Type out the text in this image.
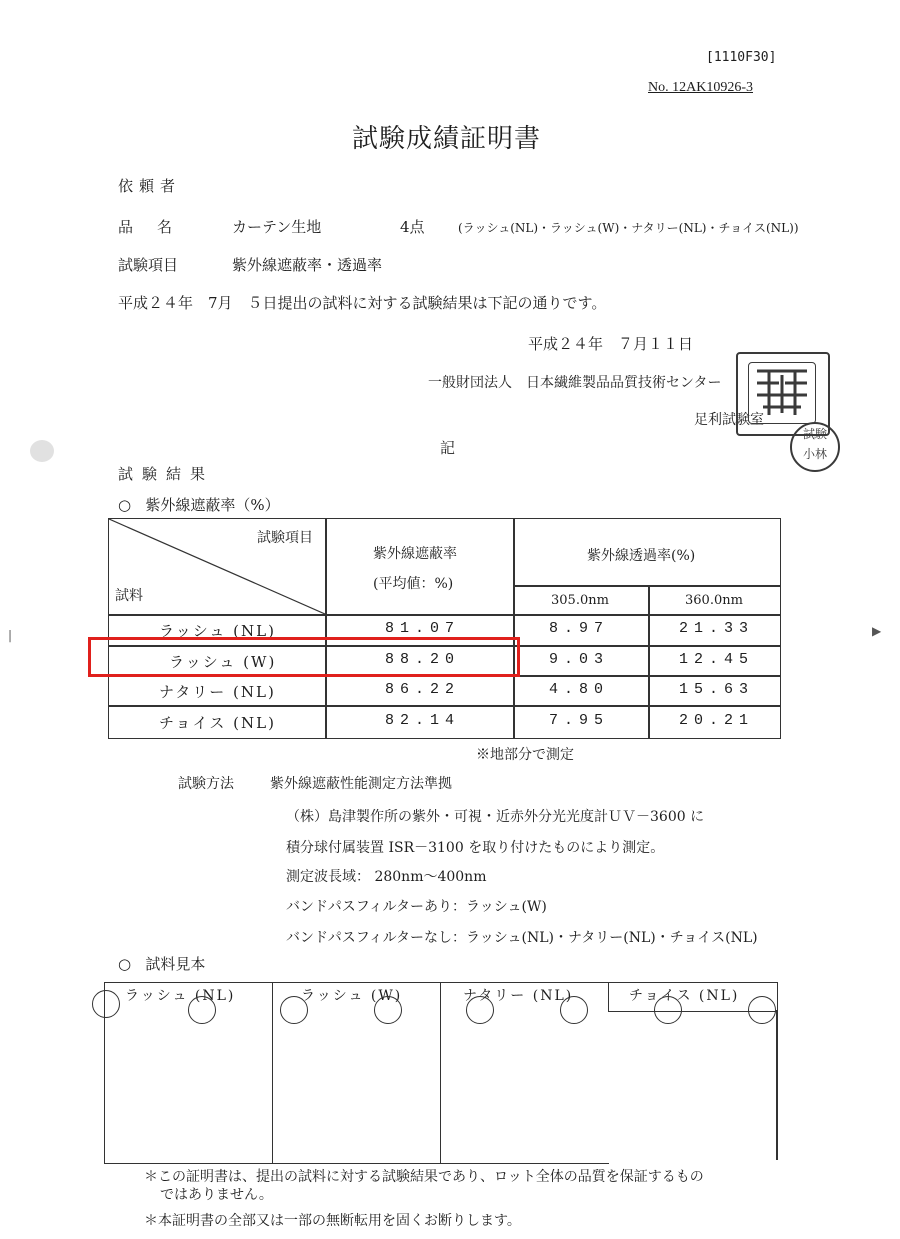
[1110F30]
No. 12AK10926-3
試験成績証明書
依頼者
品名 カーテン生地	4点	(ラッシュ(NL)・ラッシュ(W)・ナタリー(NL)・チョイス(NL))
試験項目	紫外線遮蔽率・透過率
平成２４年　7月　５日提出の試料に対する試験結果は下記の通りです。
平成２４年　７月１１日
一般財団法人　日本繊維製品品質技術センター
足利試験室
試験
小林
|	▶
記
試験結果
○ 紫外線遮蔽率（%）
試験項目
試料
紫外線遮蔽率
(平均値：%)
紫外線透過率(%)
305.0nm	360.0nm
ラッシュ (NL)	81.07	8.97	21.33
ラッシュ (W)	88.20	9.03	12.45
ナタリー (NL)	86.22	4.80	15.63
チョイス (NL)	82.14	7.95	20.21
※地部分で測定
試験方法	紫外線遮蔽性能測定方法準拠
（株）島津製作所の紫外・可視・近赤外分光光度計ＵＶ－3600 に
積分球付属装置 ISR－3100 を取り付けたものにより測定。
測定波長域： 280nm～400nm
バンドパスフィルターあり：ラッシュ(W)
バンドパスフィルターなし：ラッシュ(NL)・ナタリー(NL)・チョイス(NL)
○ 試料見本
ラッシュ (NL)	ラッシュ (W)	ナタリー (NL)	チョイス (NL)
＊この証明書は、提出の試料に対する試験結果であり、ロット全体の品質を保証するもの
ではありません。
＊本証明書の全部又は一部の無断転用を固くお断りします。
